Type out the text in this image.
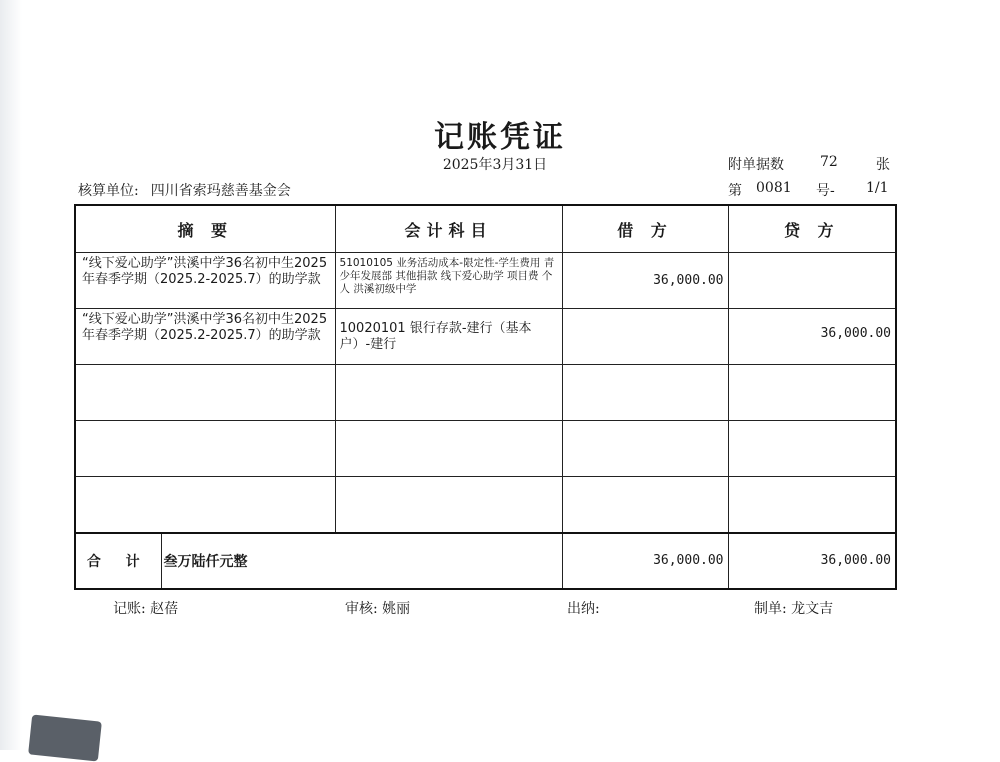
记账凭证
2025年3月31日	附单据数	72	张
核算单位: 四川省索玛慈善基金会	第 0081 号- 1/1
摘 要		会计科目	借 方	贷 方
“线下爱心助学”洪溪中学36名初中生2025年春季学期（2025.2-2025.7）的助学款		51010105 业务活动成本-限定性-学生费用 青少年发展部 其他捐款 线下爱心助学 项目费 个人 洪溪初级中学	36,000.00	
“线下爱心助学”洪溪中学36名初中生2025年春季学期（2025.2-2025.7）的助学款		10020101 银行存款-建行（基本户）-建行		36,000.00

合 计	叁万陆仟元整		36,000.00	36,000.00
记账: 赵蓓	审核: 姚丽	出纳:	制单: 龙文吉
